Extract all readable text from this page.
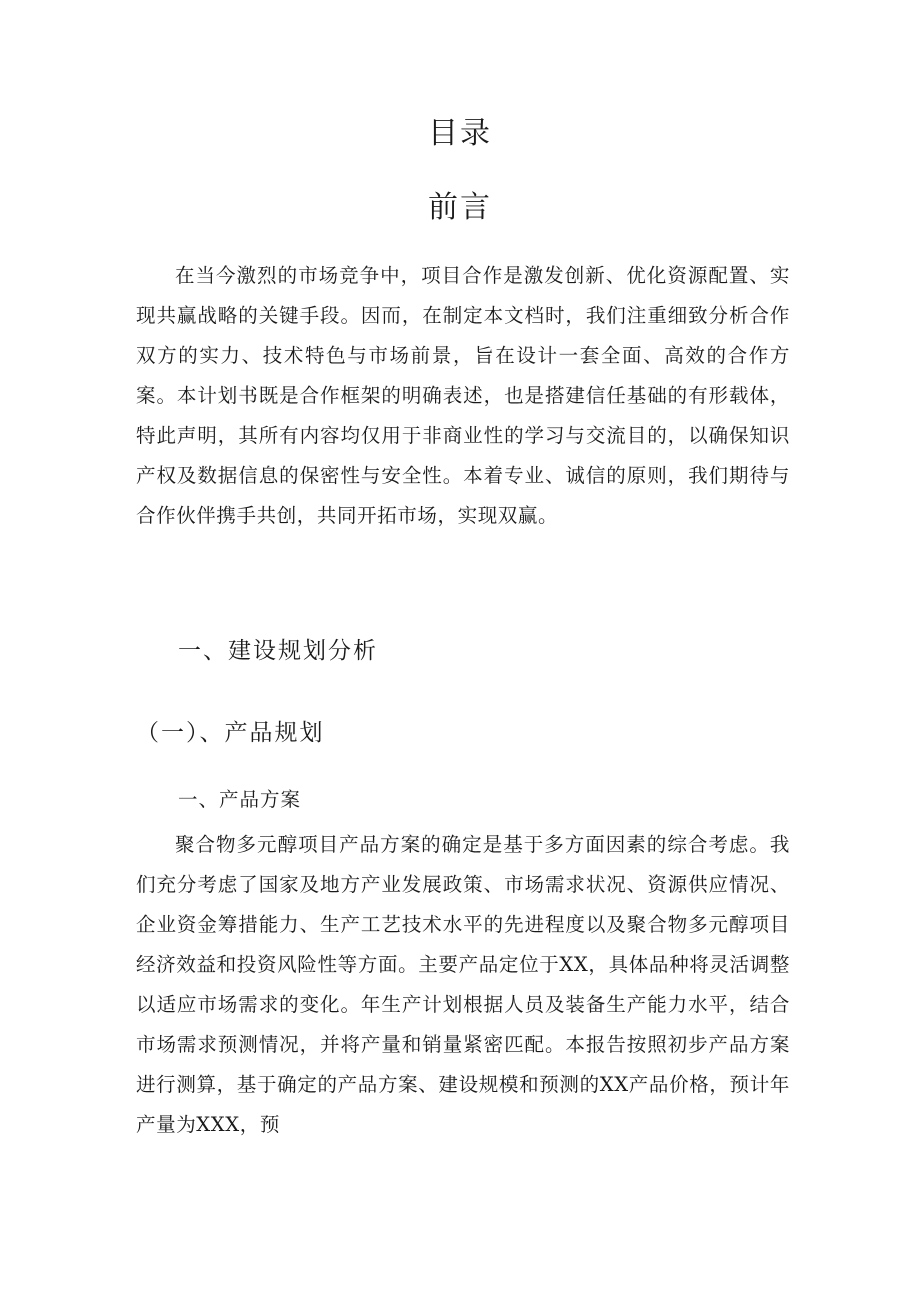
目录
前言

在当今激烈的市场竞争中，项目合作是激发创新、优化资源配置、实现共赢战略的关键手段。因而，在制定本文档时，我们注重细致分析合作双方的实力、技术特色与市场前景，旨在设计一套全面、高效的合作方案。本计划书既是合作框架的明确表述，也是搭建信任基础的有形载体，特此声明，其所有内容均仅用于非商业性的学习与交流目的，以确保知识产权及数据信息的保密性与安全性。本着专业、诚信的原则，我们期待与合作伙伴携手共创，共同开拓市场，实现双赢。

一、建设规划分析
（一）、产品规划
一、产品方案

聚合物多元醇项目产品方案的确定是基于多方面因素的综合考虑。我们充分考虑了国家及地方产业发展政策、市场需求状况、资源供应情况、企业资金筹措能力、生产工艺技术水平的先进程度以及聚合物多元醇项目经济效益和投资风险性等方面。主要产品定位于XX，具体品种将灵活调整以适应市场需求的变化。年生产计划根据人员及装备生产能力水平，结合市场需求预测情况，并将产量和销量紧密匹配。本报告按照初步产品方案进行测算，基于确定的产品方案、建设规模和预测的XX产品价格，预计年产量为XXX，预
